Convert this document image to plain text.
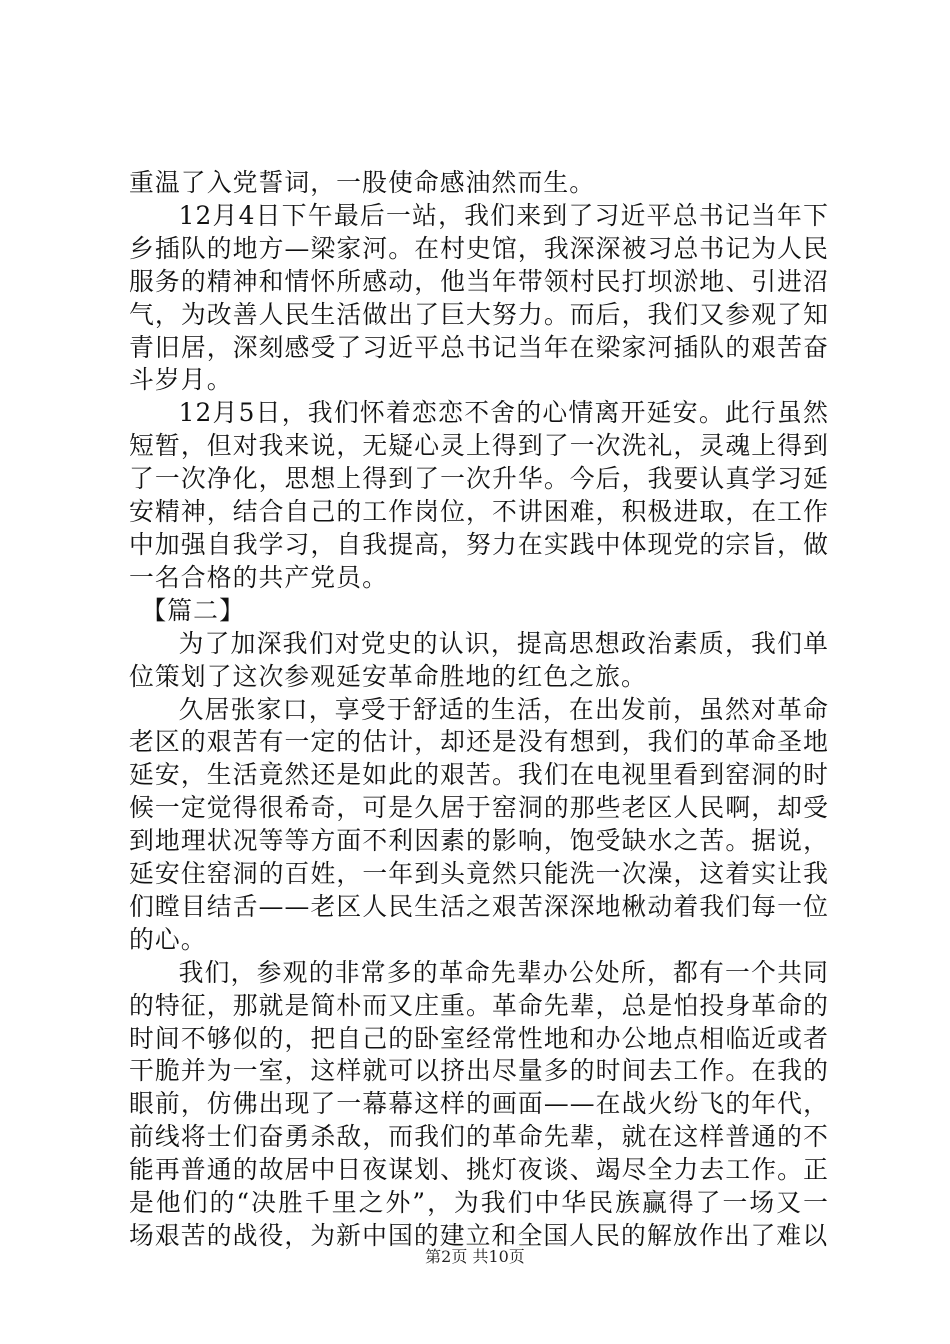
重温了入党誓词，一股使命感油然而生。

12月4日下午最后一站，我们来到了习近平总书记当年下乡插队的地方—梁家河。在村史馆，我深深被习总书记为人民服务的精神和情怀所感动，他当年带领村民打坝淤地、引进沼气，为改善人民生活做出了巨大努力。而后，我们又参观了知青旧居，深刻感受了习近平总书记当年在梁家河插队的艰苦奋斗岁月。

12月5日，我们怀着恋恋不舍的心情离开延安。此行虽然短暂，但对我来说，无疑心灵上得到了一次洗礼，灵魂上得到了一次净化，思想上得到了一次升华。今后，我要认真学习延安精神，结合自己的工作岗位，不讲困难，积极进取，在工作中加强自我学习，自我提高，努力在实践中体现党的宗旨，做一名合格的共产党员。

【篇二】

为了加深我们对党史的认识，提高思想政治素质，我们单位策划了这次参观延安革命胜地的红色之旅。

久居张家口，享受于舒适的生活，在出发前，虽然对革命老区的艰苦有一定的估计，却还是没有想到，我们的革命圣地延安，生活竟然还是如此的艰苦。我们在电视里看到窑洞的时候一定觉得很希奇，可是久居于窑洞的那些老区人民啊，却受到地理状况等等方面不利因素的影响，饱受缺水之苦。据说，延安住窑洞的百姓，一年到头竟然只能洗一次澡，这着实让我们瞠目结舌——老区人民生活之艰苦深深地楸动着我们每一位的心。

我们，参观的非常多的革命先辈办公处所，都有一个共同的特征，那就是简朴而又庄重。革命先辈，总是怕投身革命的时间不够似的，把自己的卧室经常性地和办公地点相临近或者干脆并为一室，这样就可以挤出尽量多的时间去工作。在我的眼前，仿佛出现了一幕幕这样的画面——在战火纷飞的年代，前线将士们奋勇杀敌，而我们的革命先辈，就在这样普通的不能再普通的故居中日夜谋划、挑灯夜谈、竭尽全力去工作。正是他们的“决胜千里之外”，为我们中华民族赢得了一场又一场艰苦的战役，为新中国的建立和全国人民的解放作出了难以

第2页 共10页
